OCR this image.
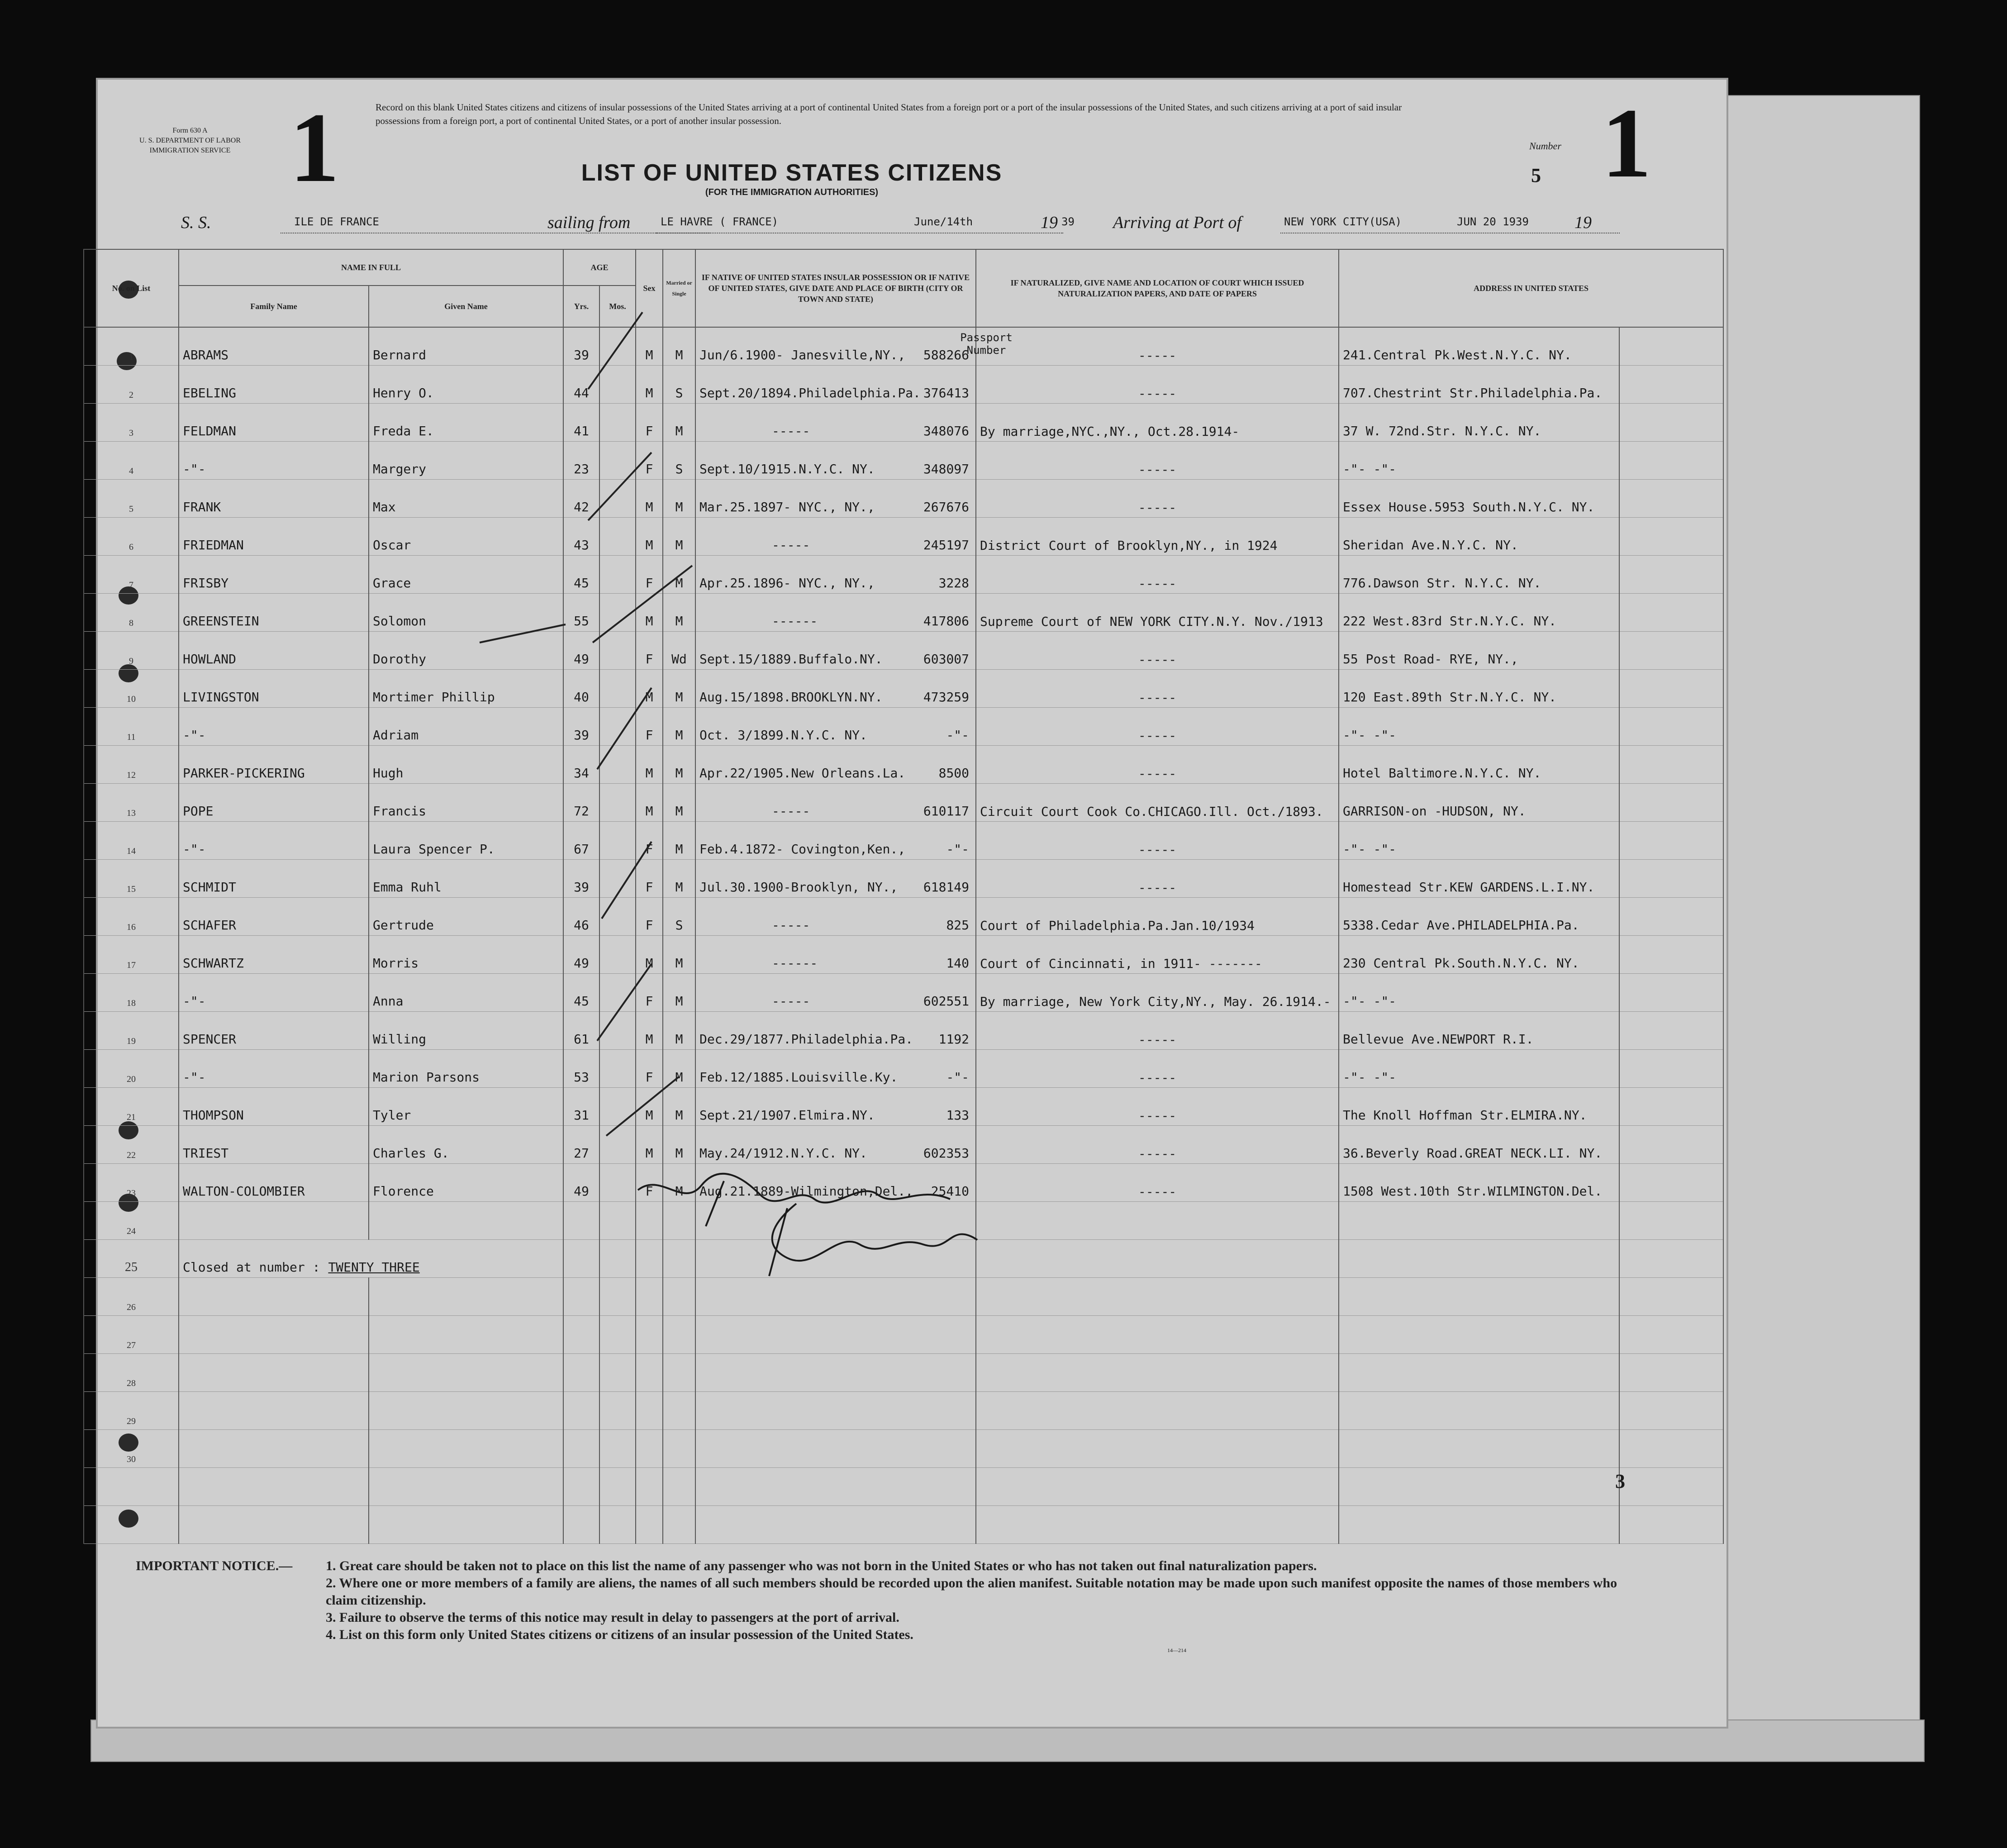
Form 630 A
U. S. DEPARTMENT OF LABOR
IMMIGRATION SERVICE 1	1
Record on this blank United States citizens and citizens of insular possessions of the United States arriving at a port of continental United States from a foreign port or a port of the insular possessions of the United States, and such citizens arriving at a port of said insular possessions from a foreign port, a port of continental United States, or a port of another insular possession.
LIST OF UNITED STATES CITIZENS
(FOR THE IMMIGRATION AUTHORITIES)
Number
5
S. S.	ILE DE FRANCE	sailing from	LE HAVRE ( FRANCE)	June/14th	19 39 Arriving at Port of	NEW YORK CITY(USA)	JUN 20 1939	19
No. on List	NAME IN FULL		AGE		Sex	Married or Single	IF NATIVE OF UNITED STATES INSULAR POSSESSION OR IF NATIVE OF UNITED STATES, GIVE DATE AND PLACE OF BIRTH (CITY OR TOWN AND STATE)	IF NATURALIZED, GIVE NAME AND LOCATION OF COURT WHICH ISSUED NATURALIZATION PAPERS, AND DATE OF PAPERS	ADDRESS IN UNITED STATES	
	Family Name	Given Name	Yrs.	Mos.						
1	ABRAMS	Bernard	39		M	M	Jun/6.1900- Janesville,NY., 588266	-----	241.Central Pk.West.N.Y.C. NY.	
2	EBELING	Henry O.	44		M	S	Sept.20/1894.Philadelphia.Pa. 376413	-----	707.Chestrint Str.Philadelphia.Pa.	
3	FELDMAN	Freda E.	41		F	M	----- 348076	By marriage,NYC.,NY., Oct.28.1914-	37 W. 72nd.Str. N.Y.C. NY.	
4	-"-	Margery	23		F	S	Sept.10/1915.N.Y.C. NY. 348097	-----	-"- -"-	
5	FRANK	Max	42		M	M	Mar.25.1897- NYC., NY., 267676	-----	Essex House.5953 South.N.Y.C. NY.	
6	FRIEDMAN	Oscar	43		M	M	----- 245197	District Court of Brooklyn,NY., in 1924	Sheridan Ave.N.Y.C. NY.	
7	FRISBY	Grace	45		F	M	Apr.25.1896- NYC., NY., 3228	-----	776.Dawson Str. N.Y.C. NY.	
8	GREENSTEIN	Solomon	55		M	M	------ 417806	Supreme Court of NEW YORK CITY.N.Y. Nov./1913	222 West.83rd Str.N.Y.C. NY.	
9	HOWLAND	Dorothy	49		F	Wd	Sept.15/1889.Buffalo.NY. 603007	-----	55 Post Road- RYE, NY.,	
10	LIVINGSTON	Mortimer Phillip	40		M	M	Aug.15/1898.BROOKLYN.NY. 473259	-----	120 East.89th Str.N.Y.C. NY.	
11	-"-	Adriam	39		F	M	Oct. 3/1899.N.Y.C. NY. -"-	-----	-"- -"-	
12	PARKER-PICKERING	Hugh	34		M	M	Apr.22/1905.New Orleans.La. 8500	-----	Hotel Baltimore.N.Y.C. NY.	
13	POPE	Francis	72		M	M	----- 610117	Circuit Court Cook Co.CHICAGO.Ill. Oct./1893.	GARRISON-on -HUDSON, NY.	
14	-"-	Laura Spencer P.	67		F	M	Feb.4.1872- Covington,Ken., -"-	-----	-"- -"-	
15	SCHMIDT	Emma Ruhl	39		F	M	Jul.30.1900-Brooklyn, NY., 618149	-----	Homestead Str.KEW GARDENS.L.I.NY.	
16	SCHAFER	Gertrude	46		F	S	----- 825	Court of Philadelphia.Pa.Jan.10/1934	5338.Cedar Ave.PHILADELPHIA.Pa.	
17	SCHWARTZ	Morris	49		M	M	------ 140	Court of Cincinnati, in 1911- -------	230 Central Pk.South.N.Y.C. NY.	
18	-"-	Anna	45		F	M	----- 602551	By marriage, New York City,NY., May. 26.1914.-	-"- -"-	
19	SPENCER	Willing	61		M	M	Dec.29/1877.Philadelphia.Pa. 1192	-----	Bellevue Ave.NEWPORT R.I.	
20	-"-	Marion Parsons	53		F	M	Feb.12/1885.Louisville.Ky. -"-	-----	-"- -"-	
21	THOMPSON	Tyler	31		M	M	Sept.21/1907.Elmira.NY. 133	-----	The Knoll Hoffman Str.ELMIRA.NY.	
22	TRIEST	Charles G.	27		M	M	May.24/1912.N.Y.C. NY. 602353	-----	36.Beverly Road.GREAT NECK.LI. NY.	
23	WALTON-COLOMBIER	Florence	49		F	M	Aug.21.1889-Wilmington,Del., 25410	-----	1508 West.10th Str.WILMINGTON.Del.	
24										
25	Closed at number : TWENTY THREE									
26										
27										
28										
29										
30										

Passport Number
3
IMPORTANT NOTICE.—	1. Great care should be taken not to place on this list the name of any passenger who was not born in the United States or who has not taken out final naturalization papers.
2. Where one or more members of a family are aliens, the names of all such members should be recorded upon the alien manifest. Suitable notation may be made upon such manifest opposite the names of those members who claim citizenship.
3. Failure to observe the terms of this notice may result in delay to passengers at the port of arrival.
4. List on this form only United States citizens or citizens of an insular possession of the United States.
14—214
